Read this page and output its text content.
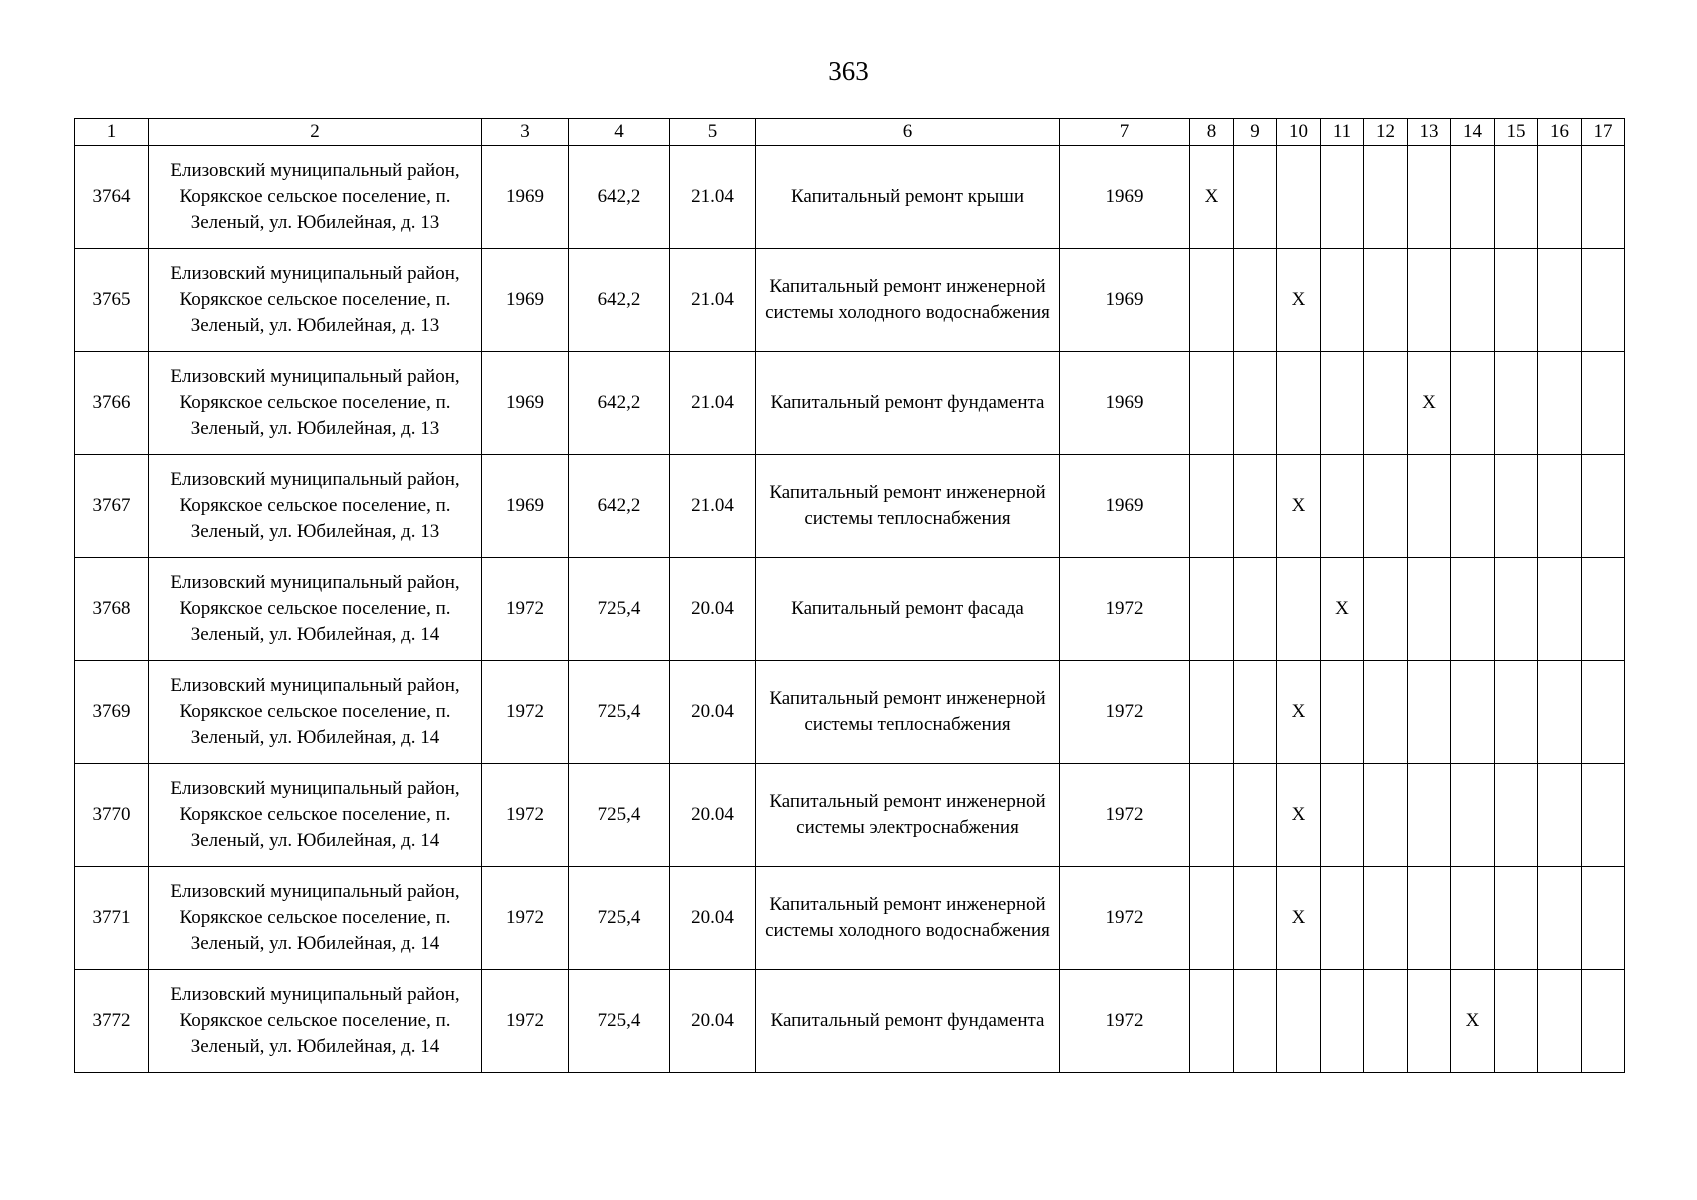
363
1	2	3	4	5	6	7	8	9	10	11	12	13	14	15	16	17
3764	Елизовский муниципальный район, Корякское сельское поселение, п. Зеленый, ул. Юбилейная, д. 13	1969	642,2	21.04	Капитальный ремонт крыши	1969	Х									
3765	Елизовский муниципальный район, Корякское сельское поселение, п. Зеленый, ул. Юбилейная, д. 13	1969	642,2	21.04	Капитальный ремонт инженерной системы холодного водоснабжения	1969			Х							
3766	Елизовский муниципальный район, Корякское сельское поселение, п. Зеленый, ул. Юбилейная, д. 13	1969	642,2	21.04	Капитальный ремонт фундамента	1969						Х				
3767	Елизовский муниципальный район, Корякское сельское поселение, п. Зеленый, ул. Юбилейная, д. 13	1969	642,2	21.04	Капитальный ремонт инженерной системы теплоснабжения	1969			Х							
3768	Елизовский муниципальный район, Корякское сельское поселение, п. Зеленый, ул. Юбилейная, д. 14	1972	725,4	20.04	Капитальный ремонт фасада	1972				Х						
3769	Елизовский муниципальный район, Корякское сельское поселение, п. Зеленый, ул. Юбилейная, д. 14	1972	725,4	20.04	Капитальный ремонт инженерной системы теплоснабжения	1972			Х							
3770	Елизовский муниципальный район, Корякское сельское поселение, п. Зеленый, ул. Юбилейная, д. 14	1972	725,4	20.04	Капитальный ремонт инженерной системы электроснабжения	1972			Х							
3771	Елизовский муниципальный район, Корякское сельское поселение, п. Зеленый, ул. Юбилейная, д. 14	1972	725,4	20.04	Капитальный ремонт инженерной системы холодного водоснабжения	1972			Х							
3772	Елизовский муниципальный район, Корякское сельское поселение, п. Зеленый, ул. Юбилейная, д. 14	1972	725,4	20.04	Капитальный ремонт фундамента	1972							Х			
